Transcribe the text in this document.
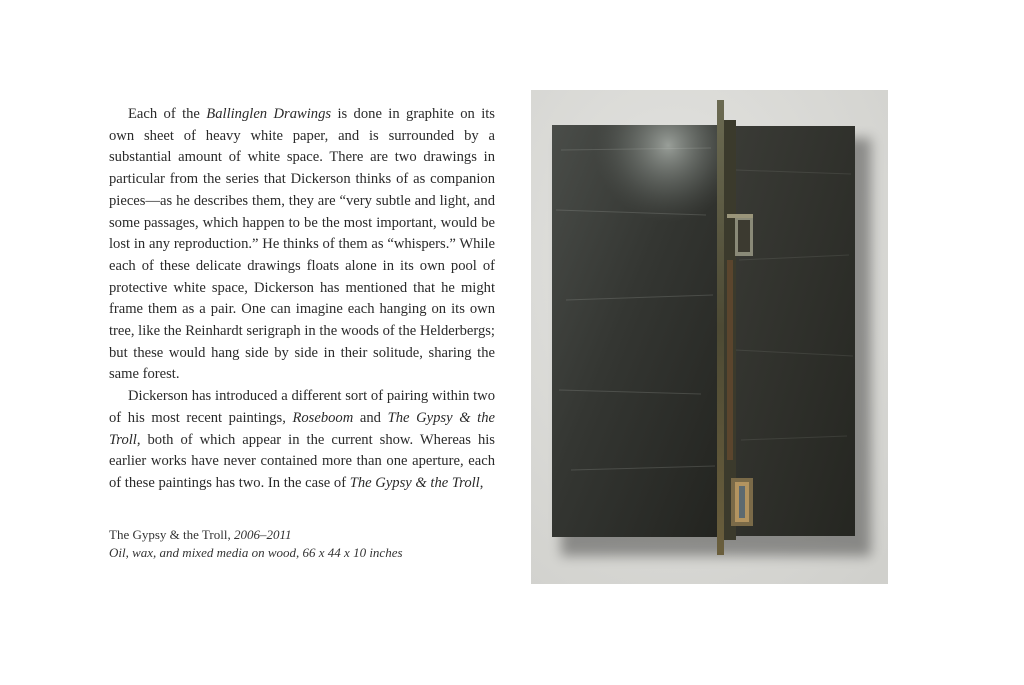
Each of the Ballinglen Drawings is done in graphite on its own sheet of heavy white paper, and is surrounded by a substantial amount of white space. There are two drawings in particular from the series that Dickerson thinks of as companion pieces—as he describes them, they are “very subtle and light, and some passages, which happen to be the most important, would be lost in any reproduction.” He thinks of them as “whispers.” While each of these delicate drawings floats alone in its own pool of protective white space, Dickerson has mentioned that he might frame them as a pair. One can imagine each hanging on its own tree, like the Reinhardt serigraph in the woods of the Helderbergs; but these would hang side by side in their solitude, sharing the same forest.

Dickerson has introduced a different sort of pairing within two of his most recent paintings, Roseboom and The Gypsy & the Troll, both of which appear in the current show. Whereas his earlier works have never contained more than one aperture, each of these paintings has two. In the case of The Gypsy & the Troll,

The Gypsy & the Troll, 2006–2011
Oil, wax, and mixed media on wood, 66 x 44 x 10 inches
